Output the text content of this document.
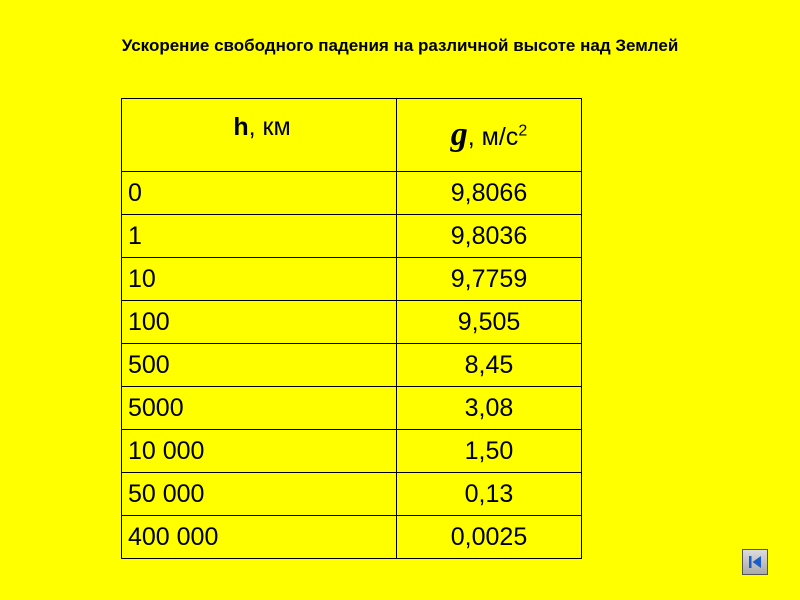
Ускорение свободного падения на различной высоте над Землей
h, км	g, $м/с^2$
0	9,8066
1	9,8036
10	9,7759
100	9,505
500	8,45
5000	3,08
10 000	1,50
50 000	0,13
400 000	0,0025
